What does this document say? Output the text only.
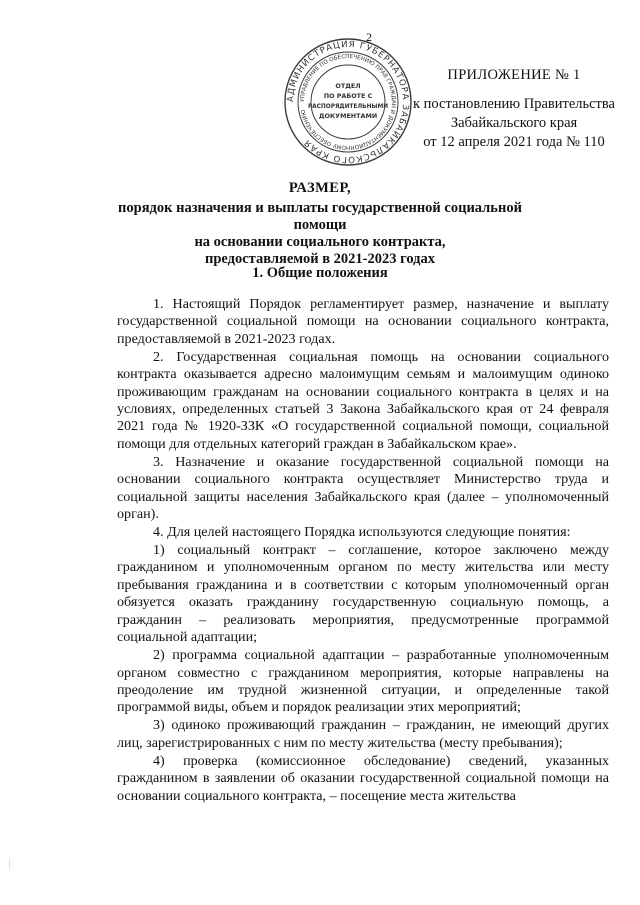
2
АДМИНИСТРАЦИЯ ГУБЕРНАТОРА ЗАБАЙКАЛЬСКОГО КРАЯ
УПРАВЛЕНИЕ ПО ОБЕСПЕЧЕНИЮ ПРАВ ГРАЖДАН И ДОКУМЕНТАЦИОННОМУ ОБЕСПЕЧЕНИЮ
ОТДЕЛ
ПО РАБОТЕ С
РАСПОРЯДИТЕЛЬНЫМИ
ДОКУМЕНТАМИ
ПРИЛОЖЕНИЕ № 1
к постановлению Правительства
Забайкальского края
от 12 апреля 2021 года № 110
РАЗМЕР,
порядок назначения и выплаты государственной социальной помощи
на основании социального контракта,
предоставляемой в 2021-2023 годах
1. Общие положения

1. Настоящий Порядок регламентирует размер, назначение и выплату государственной социальной помощи на основании социального контракта, предоставляемой в 2021-2023 годах.

2. Государственная социальная помощь на основании социального контракта оказывается адресно малоимущим семьям и малоимущим одиноко проживающим гражданам на основании социального контракта в целях и на условиях, определенных статьей 3 Закона Забайкальского края от 24 февраля 2021 года № 1920-ЗЗК «О государственной социальной помощи, социальной помощи для отдельных категорий граждан в Забайкальском крае».

3. Назначение и оказание государственной социальной помощи на основании социального контракта осуществляет Министерство труда и социальной защиты населения Забайкальского края (далее – уполномоченный орган).

4. Для целей настоящего Порядка используются следующие понятия:

1) социальный контракт – соглашение, которое заключено между гражданином и уполномоченным органом по месту жительства или месту пребывания гражданина и в соответствии с которым уполномоченный орган обязуется оказать гражданину государственную социальную помощь, а гражданин – реализовать мероприятия, предусмотренные программой социальной адаптации;

2) программа социальной адаптации – разработанные уполномоченным органом совместно с гражданином мероприятия, которые направлены на преодоление им трудной жизненной ситуации, и определенные такой программой виды, объем и порядок реализации этих мероприятий;

3) одиноко проживающий гражданин – гражданин, не имеющий других лиц, зарегистрированных с ним по месту жительства (месту пребывания);

4) проверка (комиссионное обследование) сведений, указанных гражданином в заявлении об оказании государственной социальной помощи на основании социального контракта, – посещение места жительства

........
